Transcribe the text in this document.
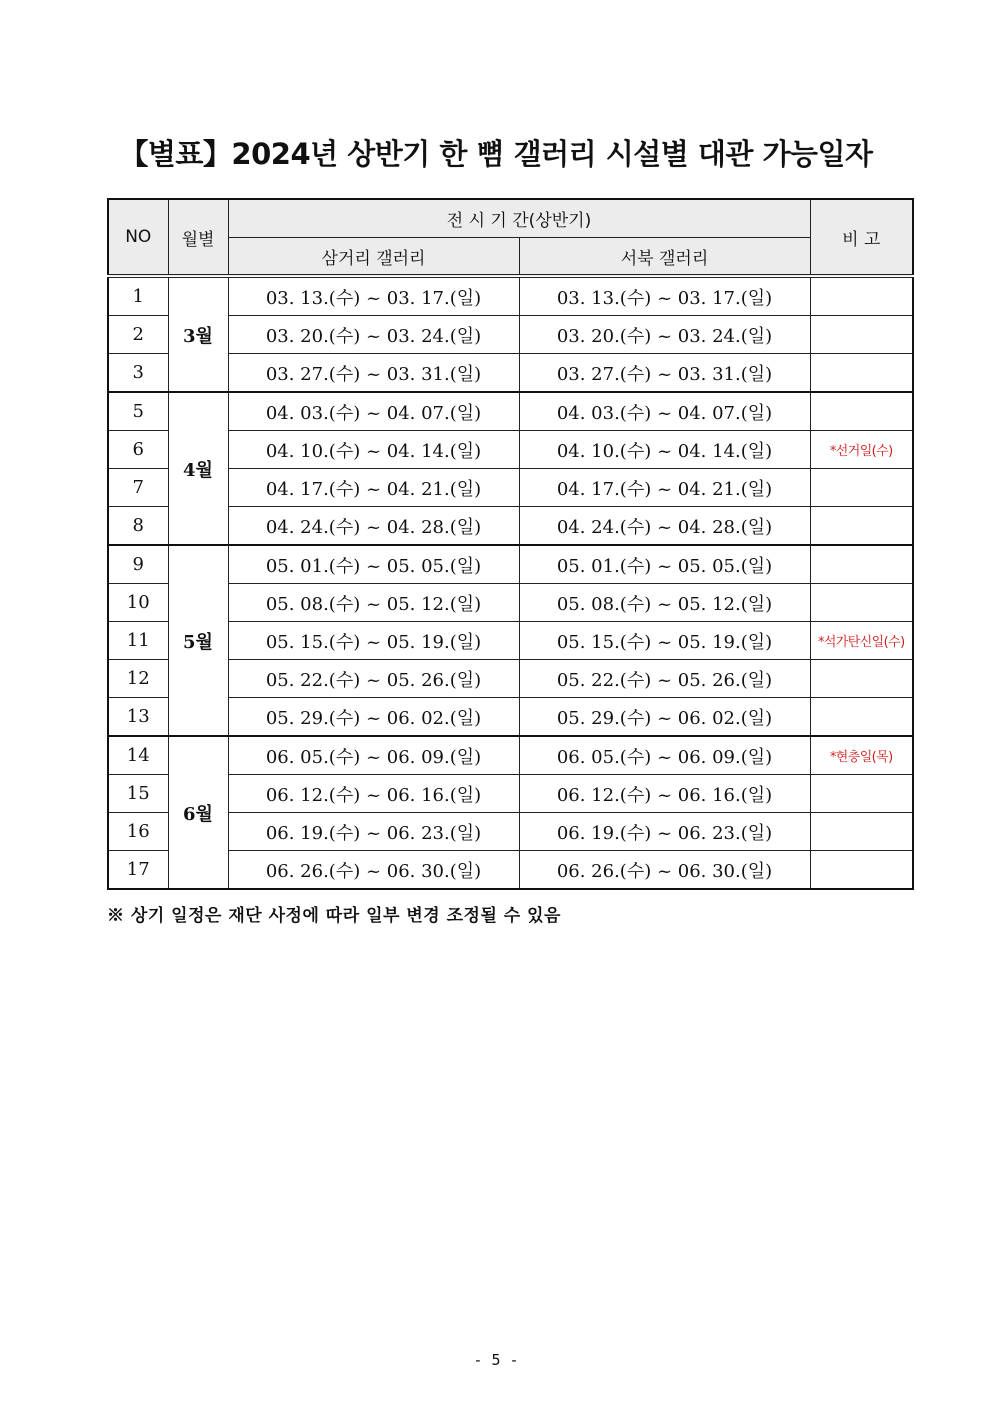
【별표】2024년 상반기 한 뼘 갤러리 시설별 대관 가능일자
NO	월별	전 시 기 간(상반기)		비 고
		삼거리 갤러리	서북 갤러리	
1	3월	03. 13.(수) ~ 03. 17.(일)	03. 13.(수) ~ 03. 17.(일)	
2		03. 20.(수) ~ 03. 24.(일)	03. 20.(수) ~ 03. 24.(일)	
3		03. 27.(수) ~ 03. 31.(일)	03. 27.(수) ~ 03. 31.(일)	
5	4월	04. 03.(수) ~ 04. 07.(일)	04. 03.(수) ~ 04. 07.(일)	
6		04. 10.(수) ~ 04. 14.(일)	04. 10.(수) ~ 04. 14.(일)	*선거일(수)
7		04. 17.(수) ~ 04. 21.(일)	04. 17.(수) ~ 04. 21.(일)	
8		04. 24.(수) ~ 04. 28.(일)	04. 24.(수) ~ 04. 28.(일)	
9	5월	05. 01.(수) ~ 05. 05.(일)	05. 01.(수) ~ 05. 05.(일)	
10		05. 08.(수) ~ 05. 12.(일)	05. 08.(수) ~ 05. 12.(일)	
11		05. 15.(수) ~ 05. 19.(일)	05. 15.(수) ~ 05. 19.(일)	*석가탄신일(수)
12		05. 22.(수) ~ 05. 26.(일)	05. 22.(수) ~ 05. 26.(일)	
13		05. 29.(수) ~ 06. 02.(일)	05. 29.(수) ~ 06. 02.(일)	
14	6월	06. 05.(수) ~ 06. 09.(일)	06. 05.(수) ~ 06. 09.(일)	*현충일(목)
15		06. 12.(수) ~ 06. 16.(일)	06. 12.(수) ~ 06. 16.(일)	
16		06. 19.(수) ~ 06. 23.(일)	06. 19.(수) ~ 06. 23.(일)	
17		06. 26.(수) ~ 06. 30.(일)	06. 26.(수) ~ 06. 30.(일)	
※ 상기 일정은 재단 사정에 따라 일부 변경 조정될 수 있음
- 5 -
